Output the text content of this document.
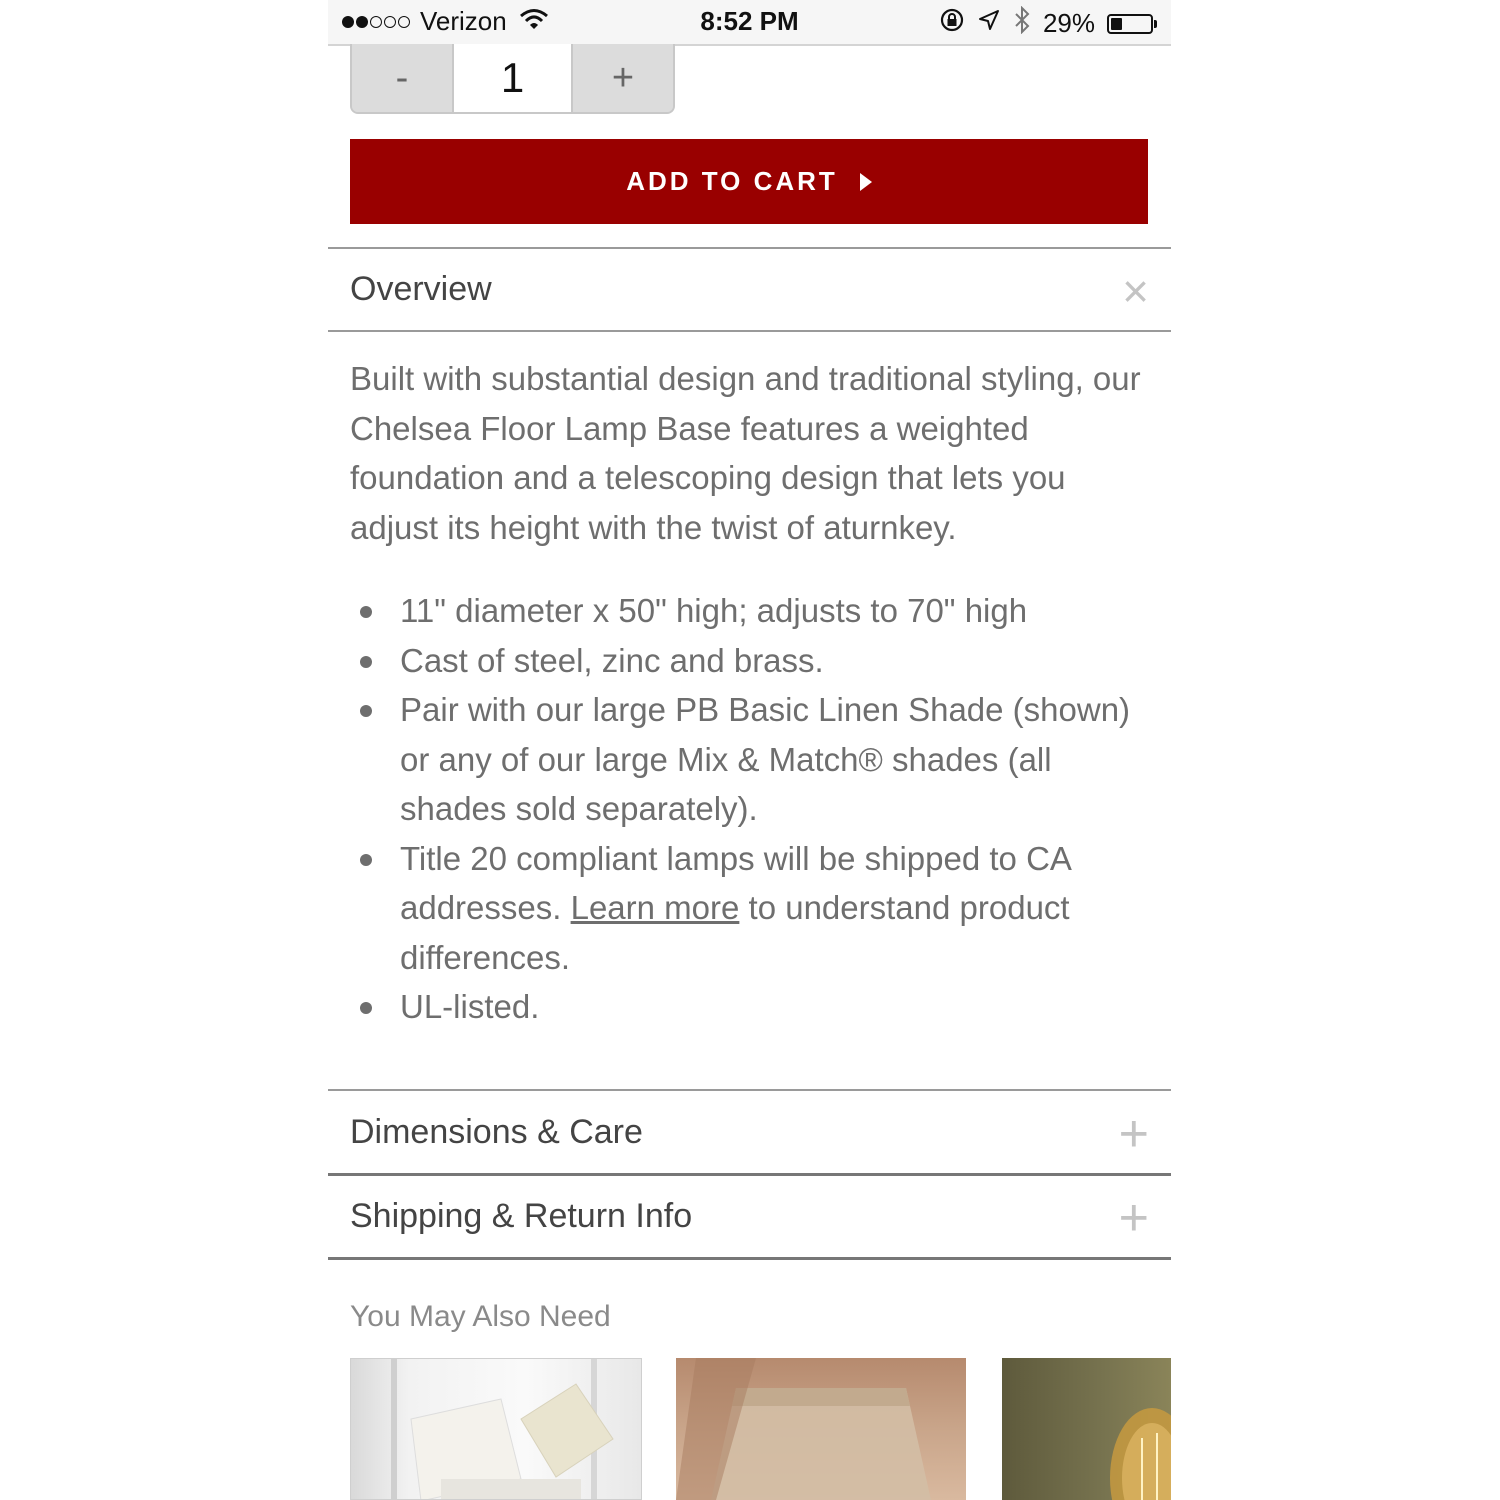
Verizon	8:52 PM	29%
-	1	+
ADD TO CART
Overview	×

Built with substantial design and traditional styling, our Chelsea Floor Lamp Base features a weighted foundation and a telescoping design that lets you adjust its height with the twist of aturnkey.

11" diameter x 50" high; adjusts to 70" high
Cast of steel, zinc and brass.
Pair with our large PB Basic Linen Shade (shown) or any of our large Mix & Match® shades (all shades sold separately).
Title 20 compliant lamps will be shipped to CA addresses. Learn more to understand product differences.
UL-listed.
Dimensions & Care	+
Shipping & Return Info	+
You May Also Need
